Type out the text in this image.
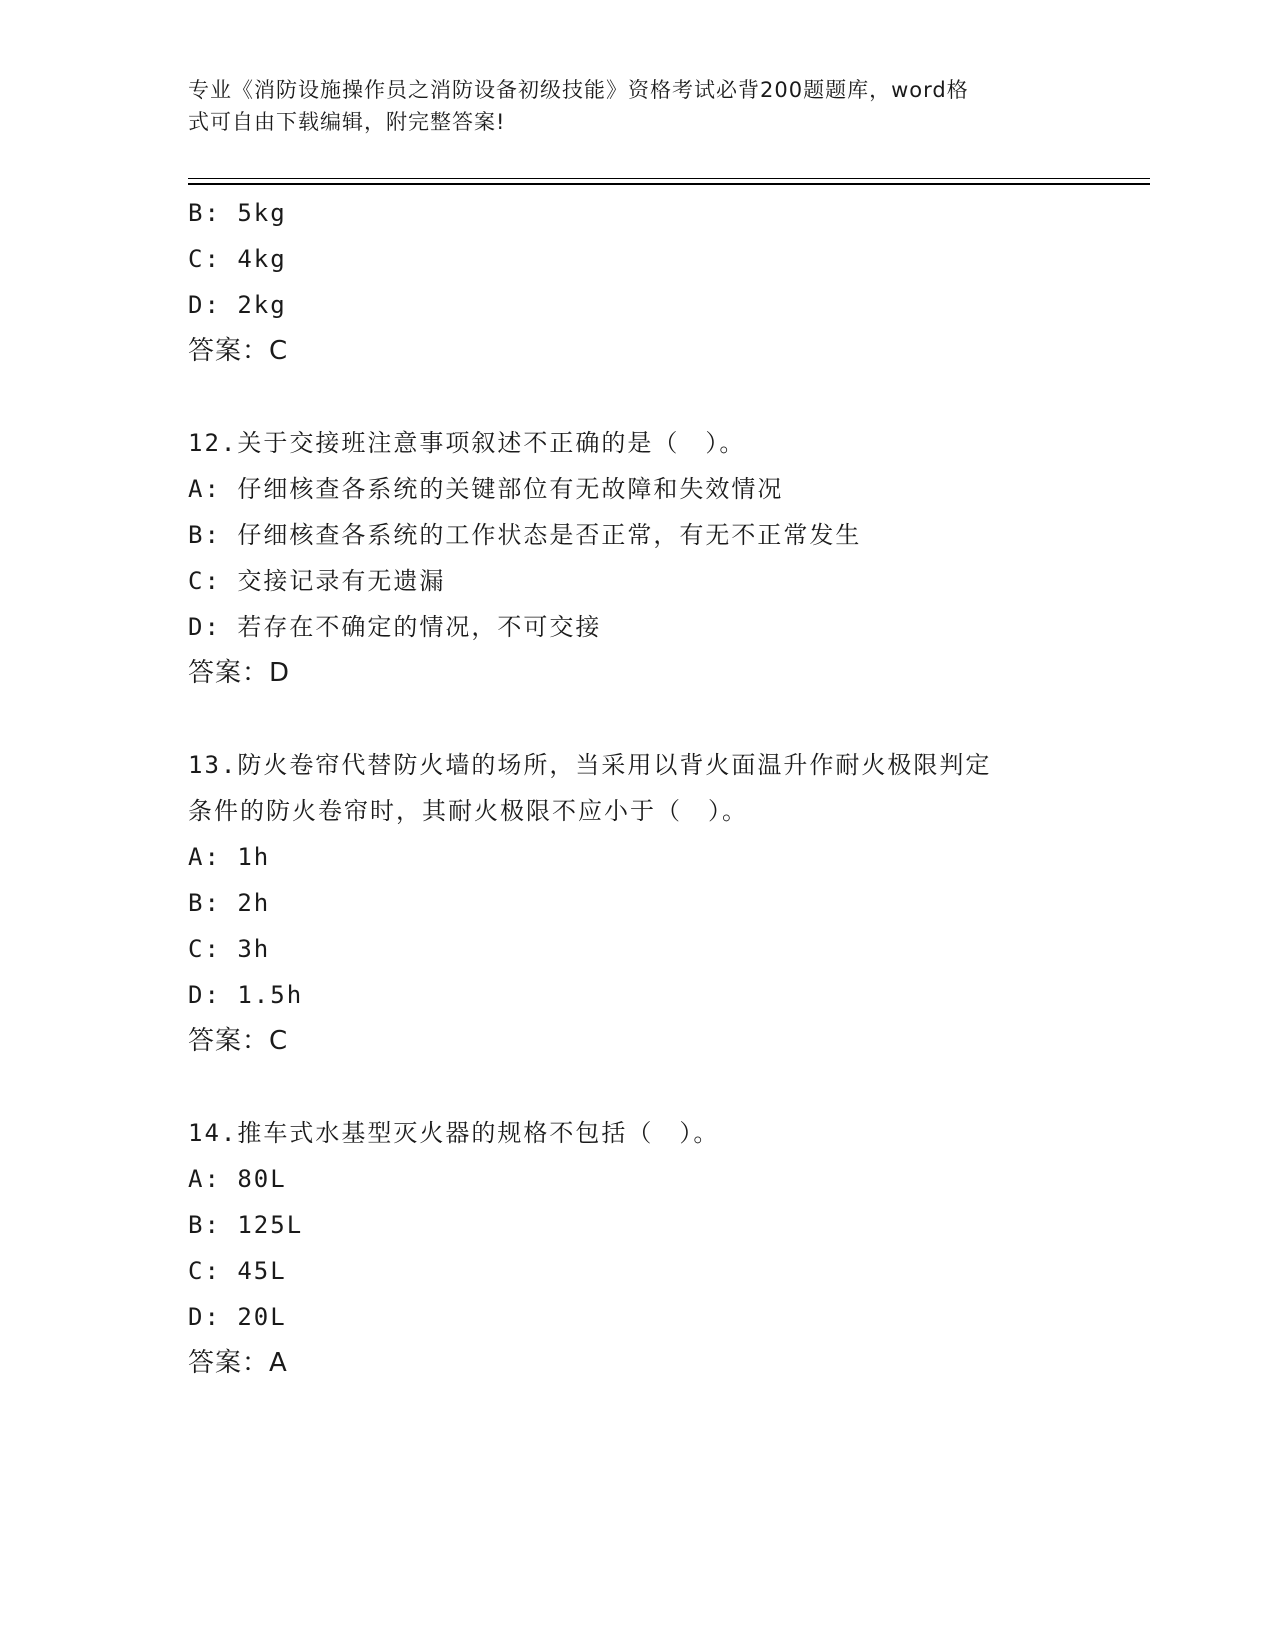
专业《消防设施操作员之消防设备初级技能》资格考试必背200题题库，word格
式可自由下载编辑，附完整答案!
B: 5kg
C: 4kg
D: 2kg
答案：C
12.关于交接班注意事项叙述不正确的是（　）。
A: 仔细核查各系统的关键部位有无故障和失效情况
B: 仔细核查各系统的工作状态是否正常，有无不正常发生
C: 交接记录有无遗漏
D: 若存在不确定的情况，不可交接
答案：D
13.防火卷帘代替防火墙的场所，当采用以背火面温升作耐火极限判定
条件的防火卷帘时，其耐火极限不应小于（　）。
A: 1h
B: 2h
C: 3h
D: 1.5h
答案：C
14.推车式水基型灭火器的规格不包括（　）。
A: 80L
B: 125L
C: 45L
D: 20L
答案：A
